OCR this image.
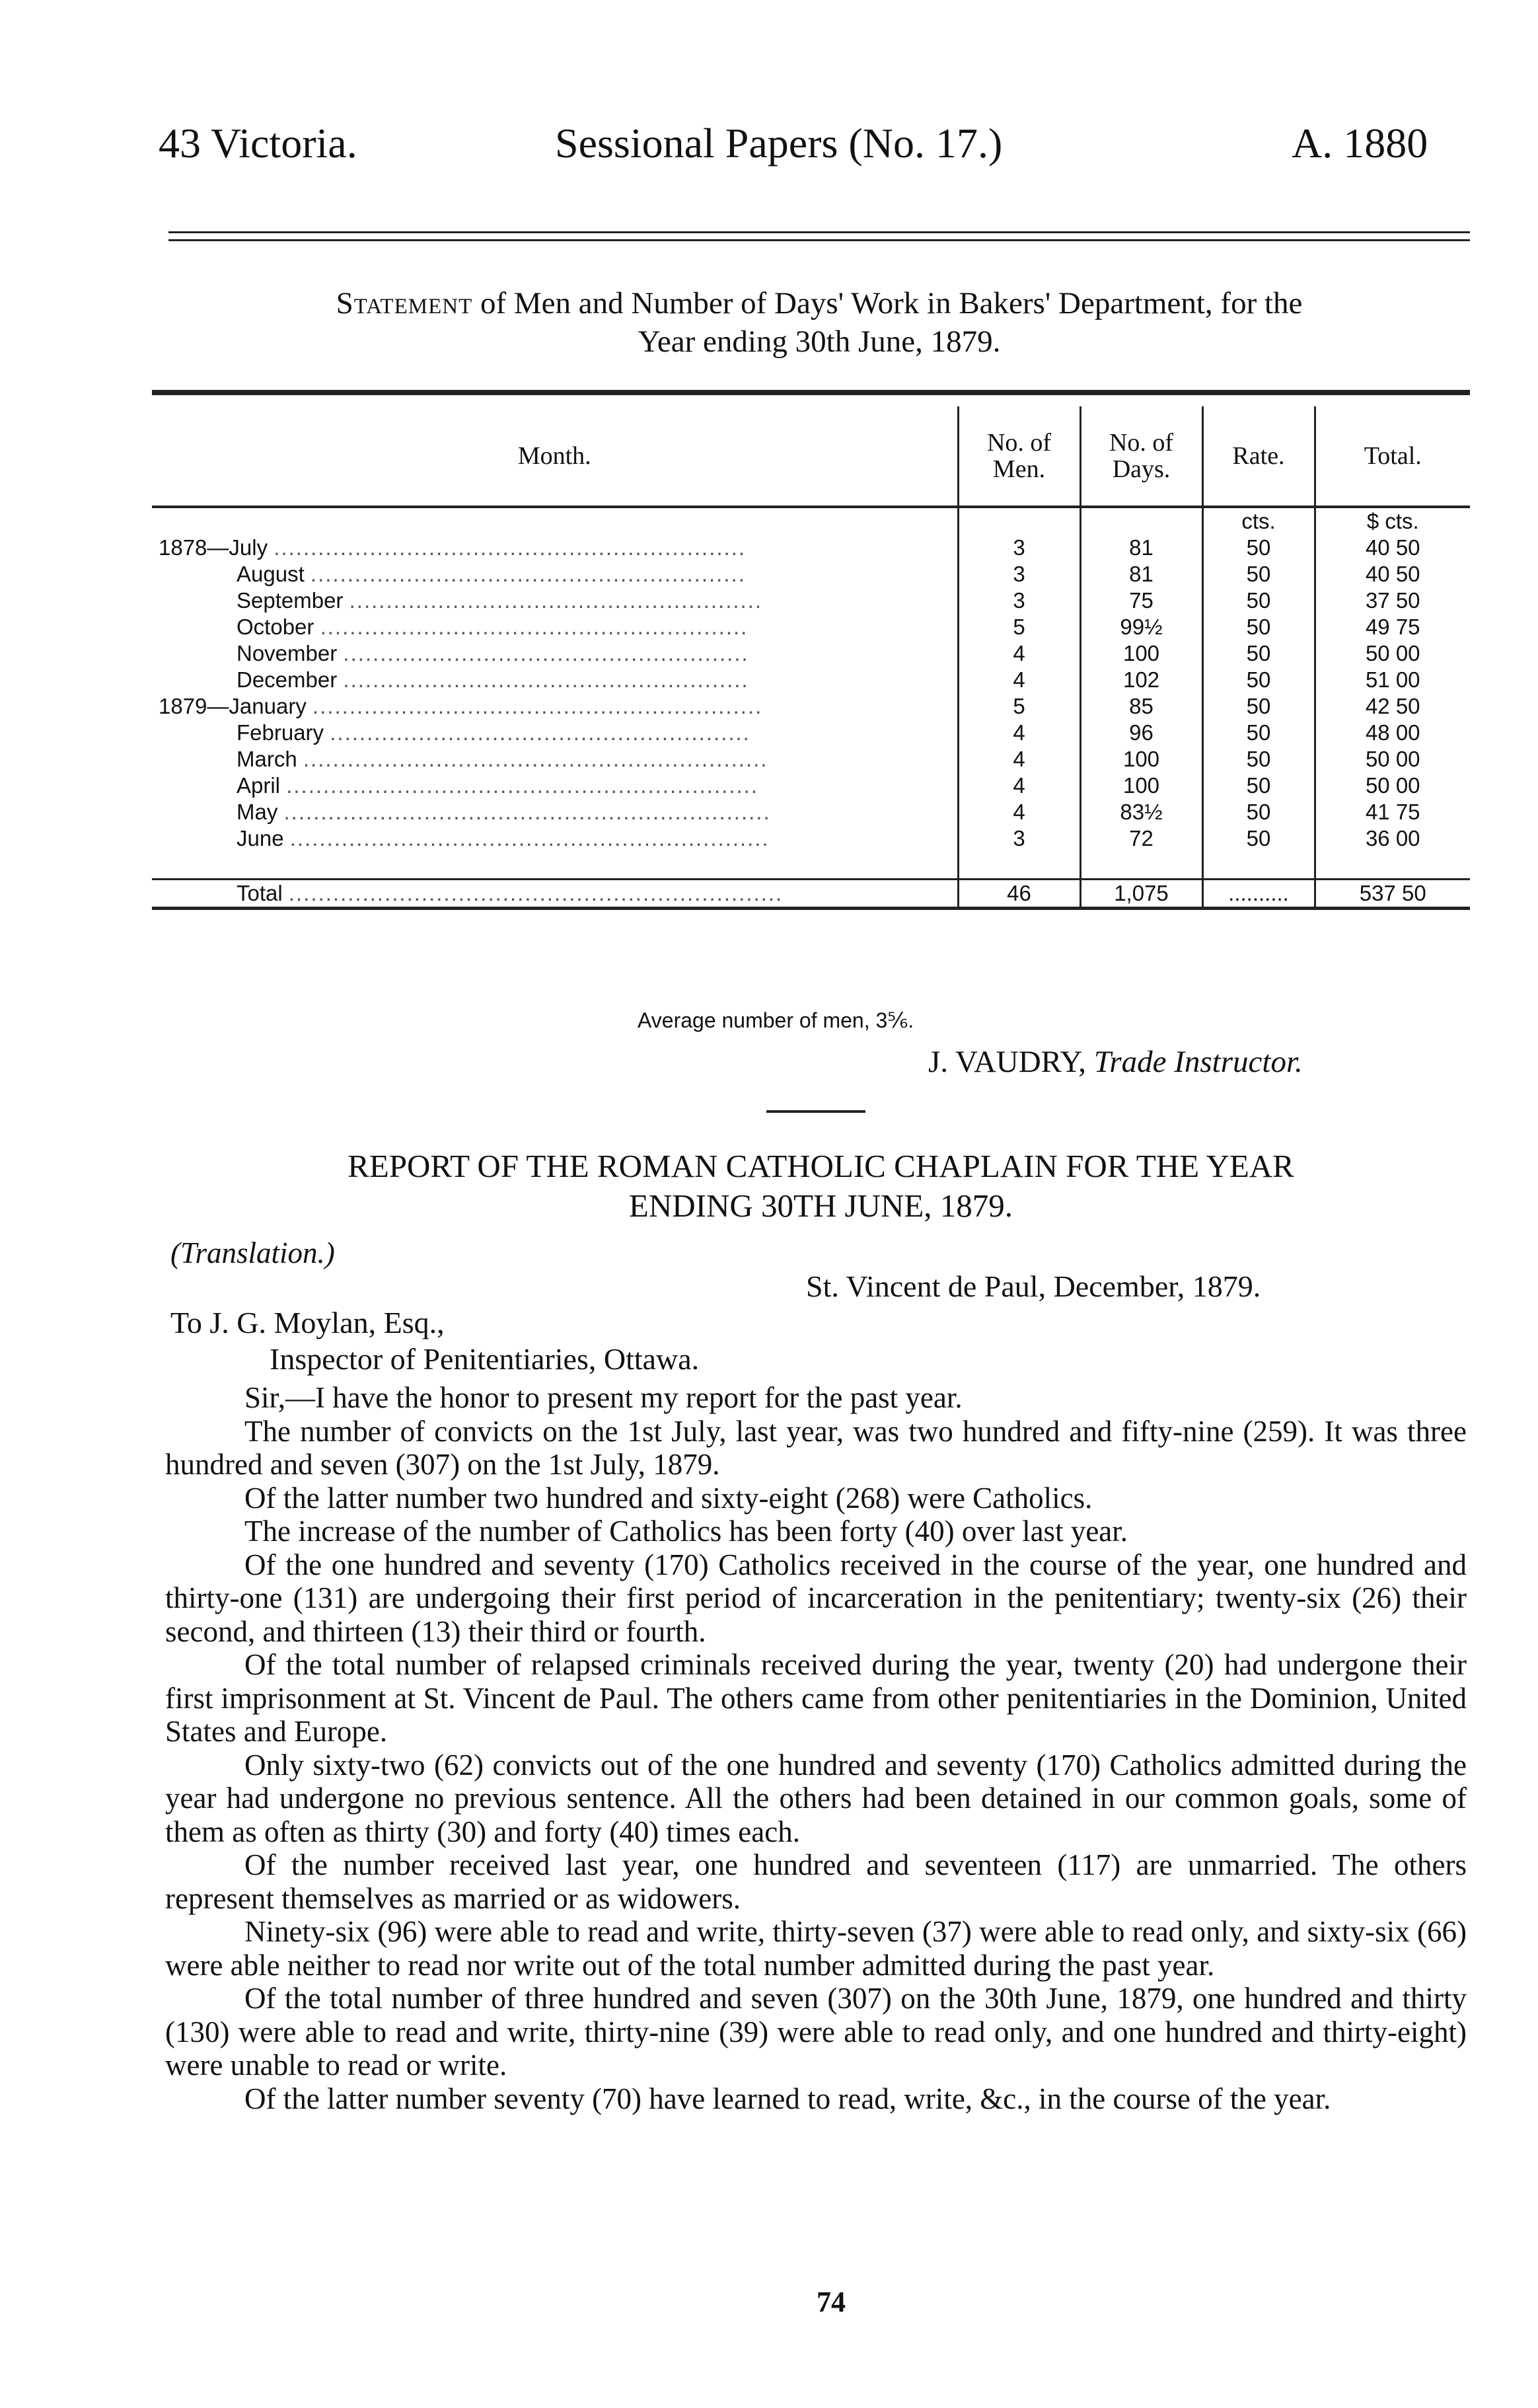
43 Victoria.	Sessional Papers (No. 17.)	A. 1880
Statement of Men and Number of Days' Work in Bakers' Department, for the
Year ending 30th June, 1879.
Month.	No. of Men.	No. of Days.	Rate.	Total.
			cts.	$ cts.
1878—July ................................................................	3	81	50	40 50
August ...........................................................	3	81	50	40 50
September ........................................................	3	75	50	37 50
October ..........................................................	5	99½	50	49 75
November .......................................................	4	100	50	50 00
December .......................................................	4	102	50	51 00
1879—January .............................................................	5	85	50	42 50
February .........................................................	4	96	50	48 00
March ...............................................................	4	100	50	50 00
April ................................................................	4	100	50	50 00
May ..................................................................	4	83½	50	41 75
June .................................................................	3	72	50	36 00

Total ...................................................................	46	1,075	..........	537 50
Average number of men, 3⅚.
J. VAUDRY, Trade Instructor.
REPORT OF THE ROMAN CATHOLIC CHAPLAIN FOR THE YEAR
ENDING 30TH JUNE, 1879.
(Translation.)
St. Vincent de Paul, December, 1879.
To J. G. Moylan, Esq.,
Inspector of Penitentiaries, Ottawa.

Sir,—I have the honor to present my report for the past year.

The number of convicts on the 1st July, last year, was two hundred and fifty-nine (259). It was three hundred and seven (307) on the 1st July, 1879.

Of the latter number two hundred and sixty-eight (268) were Catholics.

The increase of the number of Catholics has been forty (40) over last year.

Of the one hundred and seventy (170) Catholics received in the course of the year, one hundred and thirty-one (131) are undergoing their first period of incarceration in the penitentiary; twenty-six (26) their second, and thirteen (13) their third or fourth.

Of the total number of relapsed criminals received during the year, twenty (20) had undergone their first imprisonment at St. Vincent de Paul. The others came from other penitentiaries in the Dominion, United States and Europe.

Only sixty-two (62) convicts out of the one hundred and seventy (170) Catholics admitted during the year had undergone no previous sentence. All the others had been detained in our common goals, some of them as often as thirty (30) and forty (40) times each.

Of the number received last year, one hundred and seventeen (117) are unmarried. The others represent themselves as married or as widowers.

Ninety-six (96) were able to read and write, thirty-seven (37) were able to read only, and sixty-six (66) were able neither to read nor write out of the total number admitted during the past year.

Of the total number of three hundred and seven (307) on the 30th June, 1879, one hundred and thirty (130) were able to read and write, thirty-nine (39) were able to read only, and one hundred and thirty-eight) were unable to read or write.

Of the latter number seventy (70) have learned to read, write, &c., in the course of the year.

74
